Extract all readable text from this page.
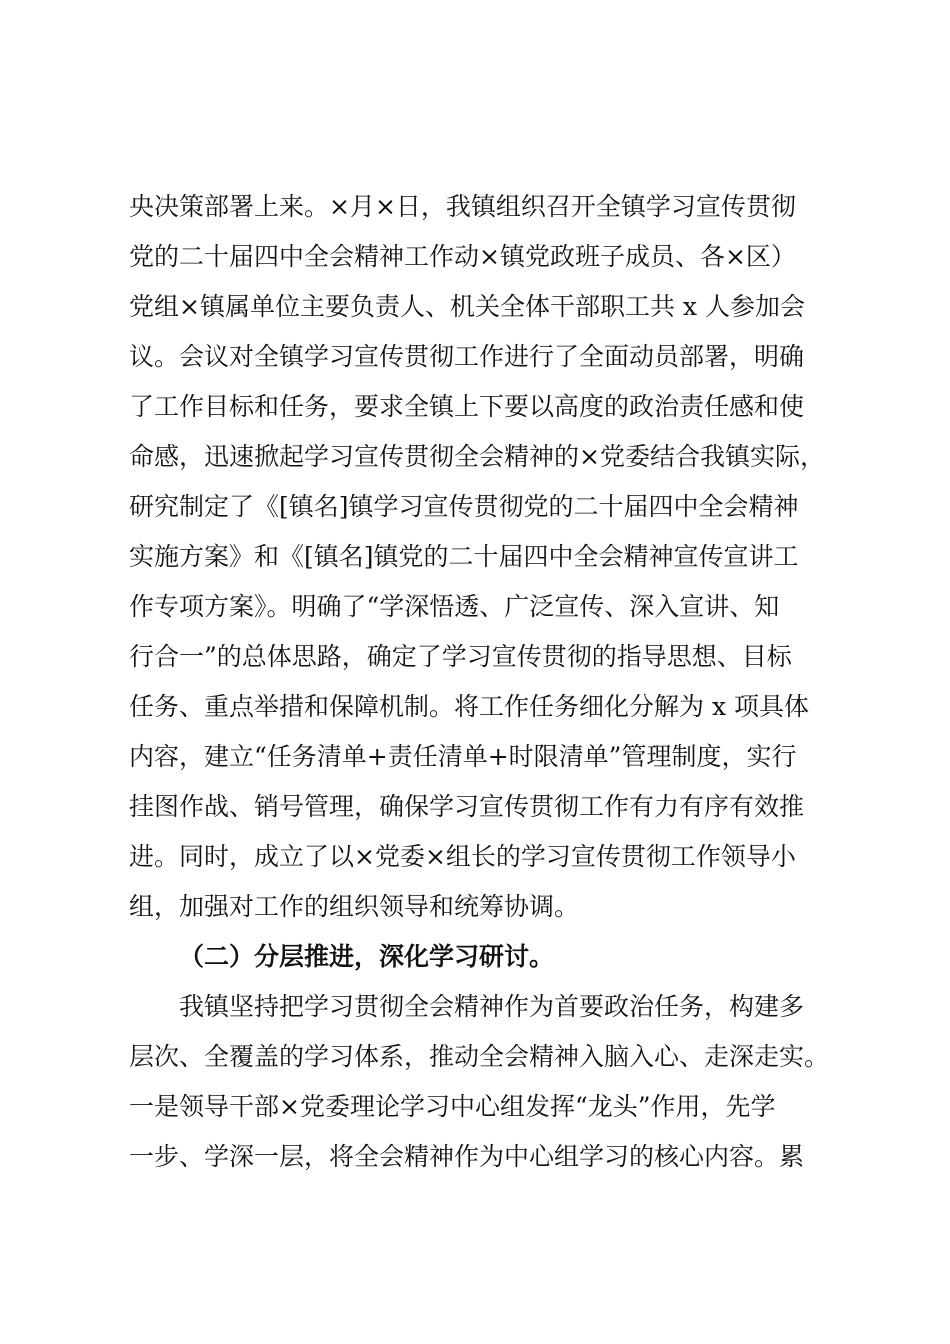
央决策部署上来。×月×日，我镇组织召开全镇学习宣传贯彻
党的二十届四中全会精神工作动×镇党政班子成员、各×区）
党组×镇属单位主要负责人、机关全体干部职工共 x 人参加会
议。会议对全镇学习宣传贯彻工作进行了全面动员部署，明确
了工作目标和任务，要求全镇上下要以高度的政治责任感和使
命感，迅速掀起学习宣传贯彻全会精神的×党委结合我镇实际，
研究制定了《[镇名]镇学习宣传贯彻党的二十届四中全会精神
实施方案》和《[镇名]镇党的二十届四中全会精神宣传宣讲工
作专项方案》。明确了“学深悟透、广泛宣传、深入宣讲、知
行合一”的总体思路，确定了学习宣传贯彻的指导思想、目标
任务、重点举措和保障机制。将工作任务细化分解为 x 项具体
内容，建立“任务清单+责任清单+时限清单”管理制度，实行
挂图作战、销号管理，确保学习宣传贯彻工作有力有序有效推
进。同时，成立了以×党委×组长的学习宣传贯彻工作领导小
组，加强对工作的组织领导和统筹协调。
（二）分层推进，深化学习研讨。
我镇坚持把学习贯彻全会精神作为首要政治任务，构建多
层次、全覆盖的学习体系，推动全会精神入脑入心、走深走实。
一是领导干部×党委理论学习中心组发挥“龙头”作用，先学
一步、学深一层，将全会精神作为中心组学习的核心内容。累
